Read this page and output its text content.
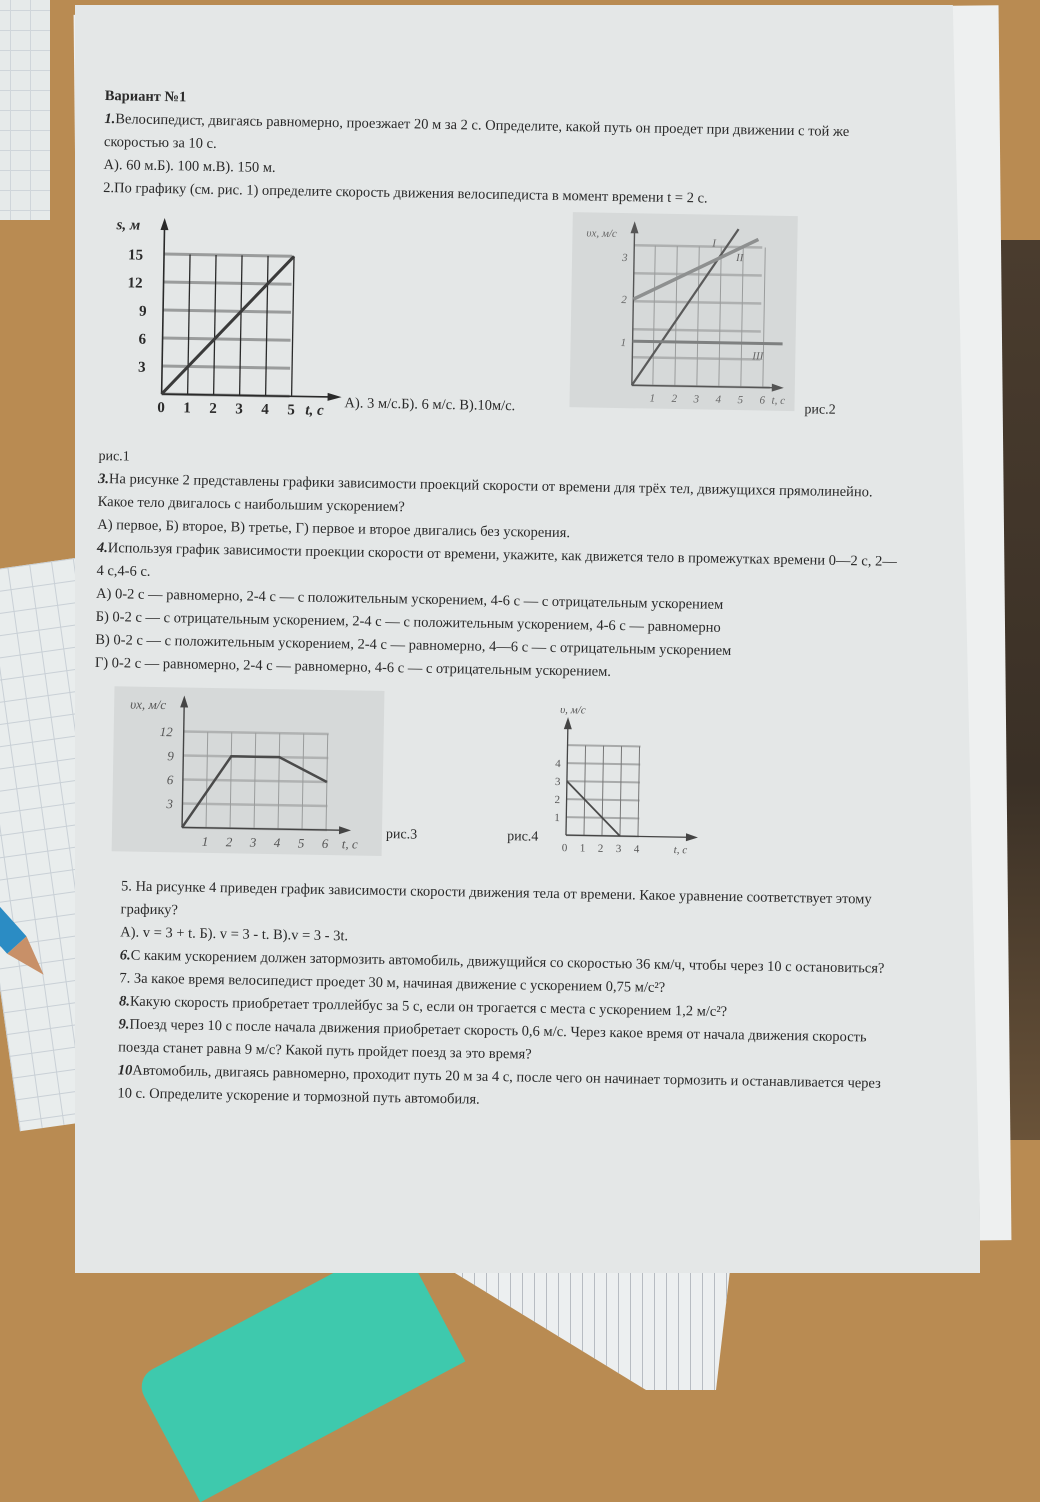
Вариант №1

1.Велосипедист, двигаясь равномерно, проезжает 20 м за 2 с. Определите, какой путь он проедет при движении с той же скоростью за 10 с.

А). 60 м.Б). 100 м.В). 150 м.

2.По графику (см. рис. 1) определите скорость движения велосипедиста в момент времени t = 2 с.

s, м
15
12
9
6
3
0 1 2 3 4 5 t, c А). 3 м/с.Б). 6 м/с. В).10м/с.
υx, м/с
3
2
1
1 2 3 4 5 6 t, c
I
II
III
рис.2

рис.1

3.На рисунке 2 представлены графики зависимости проекций скорости от времени для трёх тел, движущихся прямолинейно. Какое тело двигалось с наибольшим ускорением?

А) первое, Б) второе, В) третье, Г) первое и второе двигались без ускорения.

4.Используя график зависимости проекции скорости от времени, укажите, как движется тело в промежутках времени 0—2 с, 2—4 с,4-6 с.

А) 0-2 с — равномерно, 2-4 с — с положительным ускорением, 4-6 с — с отрицательным ускорением

Б) 0-2 с — с отрицательным ускорением, 2-4 с — с положительным ускорением, 4-6 с — равномерно

В) 0-2 с — с положительным ускорением, 2-4 с — равномерно, 4—6 с — с отрицательным ускорением

Г) 0-2 с — равномерно, 2-4 с — равномерно, 4-6 с — с отрицательным ускорением.

υx, м/с
12
9
6
3
1 2 3 4 5 6 t, c
рис.3	рис.4
υ, м/с
4
3
2
1
0 1 2 3 4	t, c

5. На рисунке 4 приведен график зависимости скорости движения тела от времени. Какое уравнение соответствует этому графику?

А). v = 3 + t. Б). v = 3 - t. В).v = 3 - 3t.

6.С каким ускорением должен затормозить автомобиль, движущийся со скоростью 36 км/ч, чтобы через 10 с остановиться?

7. За какое время велосипедист проедет 30 м, начиная движение с ускорением 0,75 м/с²?

8.Какую скорость приобретает троллейбус за 5 с, если он трогается с места с ускорением 1,2 м/с²?

9.Поезд через 10 с после начала движения приобретает скорость 0,6 м/с. Через какое время от начала движения скорость поезда станет равна 9 м/с? Какой путь пройдет поезд за это время?

10Автомобиль, двигаясь равномерно, проходит путь 20 м за 4 с, после чего он начинает тормозить и останавливается через 10 с. Определите ускорение и тормозной путь автомобиля.
